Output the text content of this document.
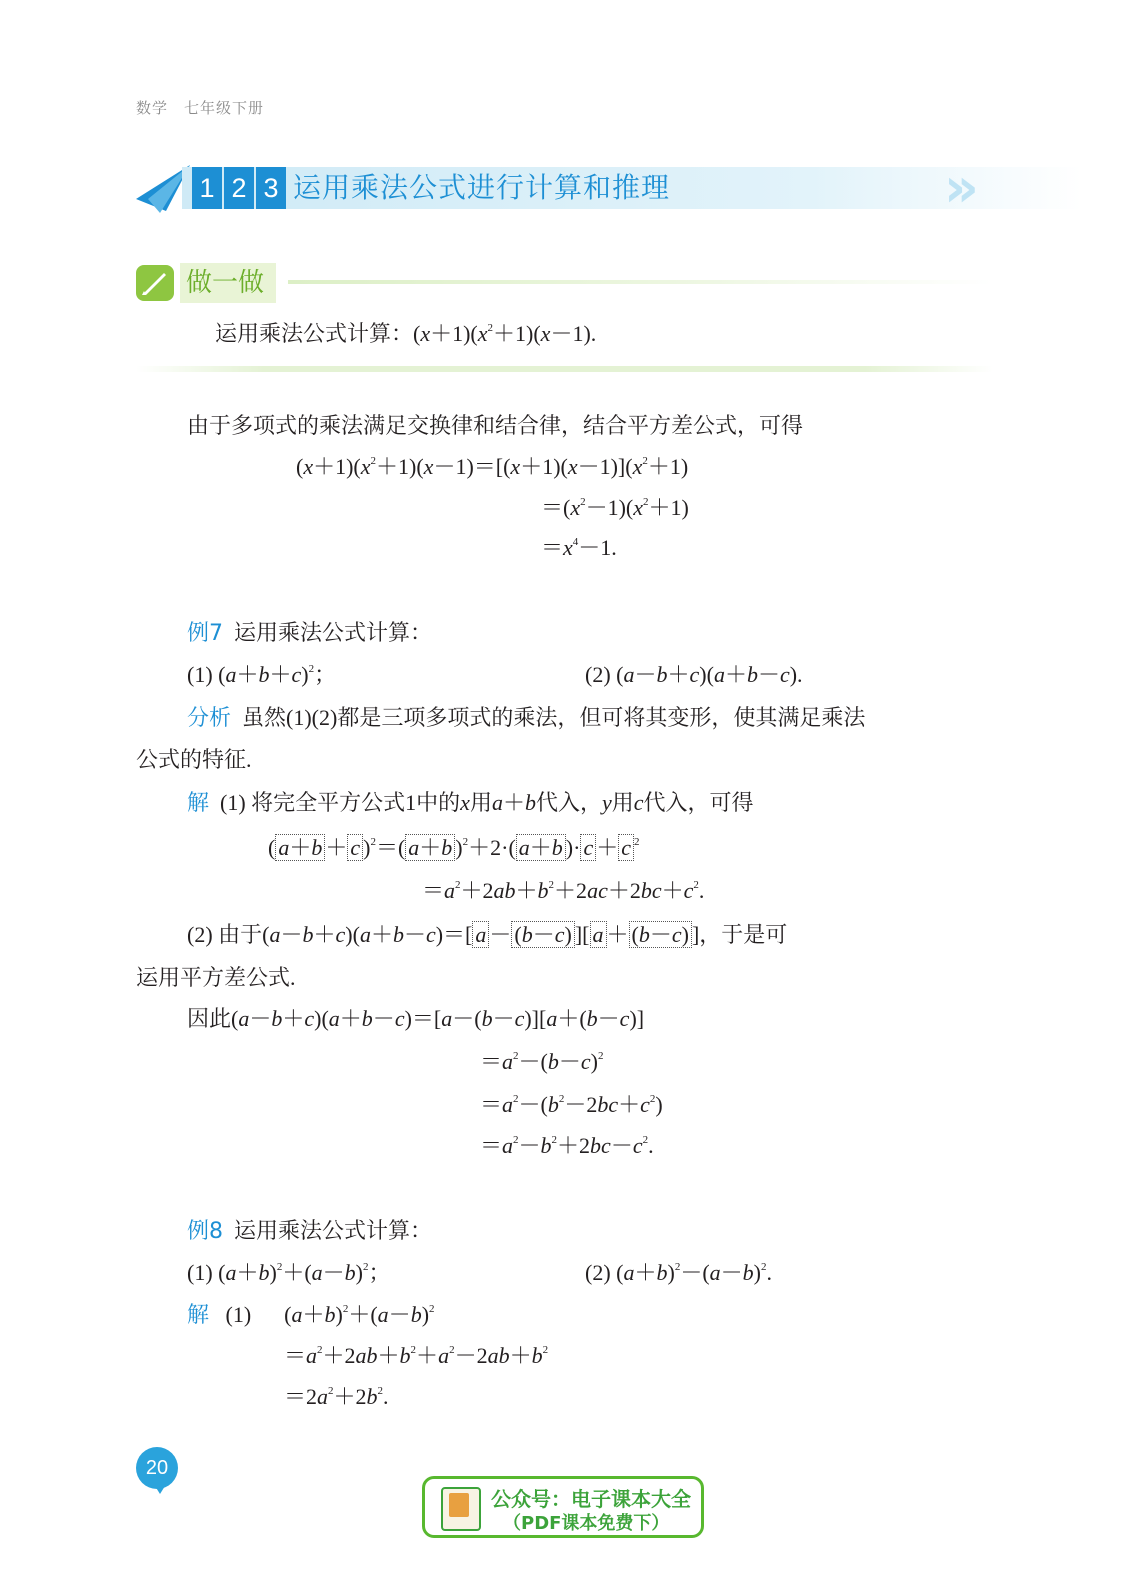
数学　七年级下册
1 2 3 运用乘法公式进行计算和推理	»
做一做
运用乘法公式计算：$(x+1)(x^2+1)(x-1)$.
由于多项式的乘法满足交换律和结合律，结合平方差公式，可得
$(x+1)(x^2+1)(x-1)=[(x+1)(x-1)](x^2+1)$
$=(x^2-1)(x^2+1)$
$=x^4-1$.
例7 运用乘法公式计算：
(1) $(a+b+c)^2$；	(2) (a－b＋c)(a＋b－c).
分析 虽然(1)(2)都是三项多项式的乘法，但可将其变形，使其满足乘法
公式的特征.
解  (1) 将完全平方公式1中的x用a＋b代入，y用c代入，可得
( a＋b ＋ c )$^2$＝( a＋b )$^2$＋2·( a＋b )· c ＋ c $^2$
$=a^2+2ab+b^2+2ac+2bc+c^2$.
(2) 由于(a－b＋c)(a＋b－c)＝[ a － (b－c) ][ a ＋ (b－c) ]，于是可
运用平方差公式.
因此(a－b＋c)(a＋b－c)＝[a－(b－c)][a＋(b－c)]
$=a^2-(b-c)^2$
$=a^2-(b^2-2bc+c^2)$
$=a^2-b^2+2bc-c^2$.
例8 运用乘法公式计算：
(1) $(a+b)^2+(a-b)^2$；	(2) $(a+b)^2-(a-b)^2$.
解   (1)　  $(a+b)^2+(a-b)^2$
$=a^2+2ab+b^2+a^2-2ab+b^2$
$=2a^2+2b^2$.
20
公众号：电子课本大全
（PDF课本免费下）
